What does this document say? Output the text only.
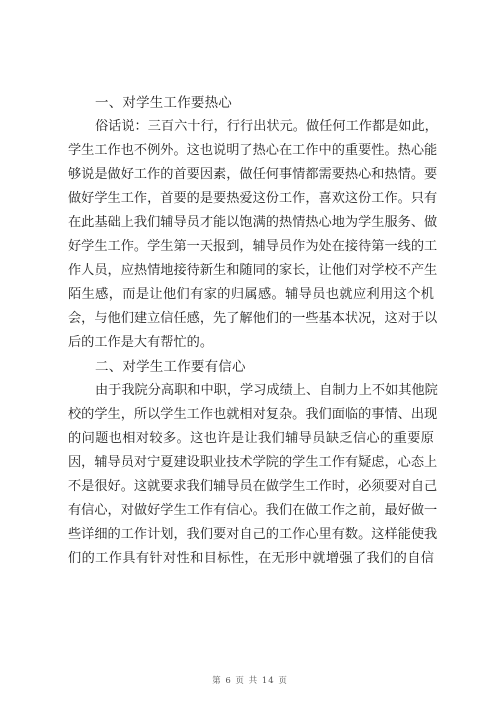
一、对学生工作要热心

俗话说：三百六十行，行行出状元。做任何工作都是如此，

学生工作也不例外。这也说明了热心在工作中的重要性。热心能

够说是做好工作的首要因素，做任何事情都需要热心和热情。要

做好学生工作，首要的是要热爱这份工作，喜欢这份工作。只有

在此基础上我们辅导员才能以饱满的热情热心地为学生服务、做

好学生工作。学生第一天报到，辅导员作为处在接待第一线的工

作人员，应热情地接待新生和随同的家长，让他们对学校不产生

陌生感，而是让他们有家的归属感。辅导员也就应利用这个机

会，与他们建立信任感，先了解他们的一些基本状况，这对于以

后的工作是大有帮忙的。

二、对学生工作要有信心

由于我院分高职和中职，学习成绩上、自制力上不如其他院

校的学生，所以学生工作也就相对复杂。我们面临的事情、出现

的问题也相对较多。这也许是让我们辅导员缺乏信心的重要原

因，辅导员对宁夏建设职业技术学院的学生工作有疑虑，心态上

不是很好。这就要求我们辅导员在做学生工作时，必须要对自己

有信心，对做好学生工作有信心。我们在做工作之前，最好做一

些详细的工作计划，我们要对自己的工作心里有数。这样能使我

们的工作具有针对性和目标性，在无形中就增强了我们的自信

第 6 页 共 14 页
